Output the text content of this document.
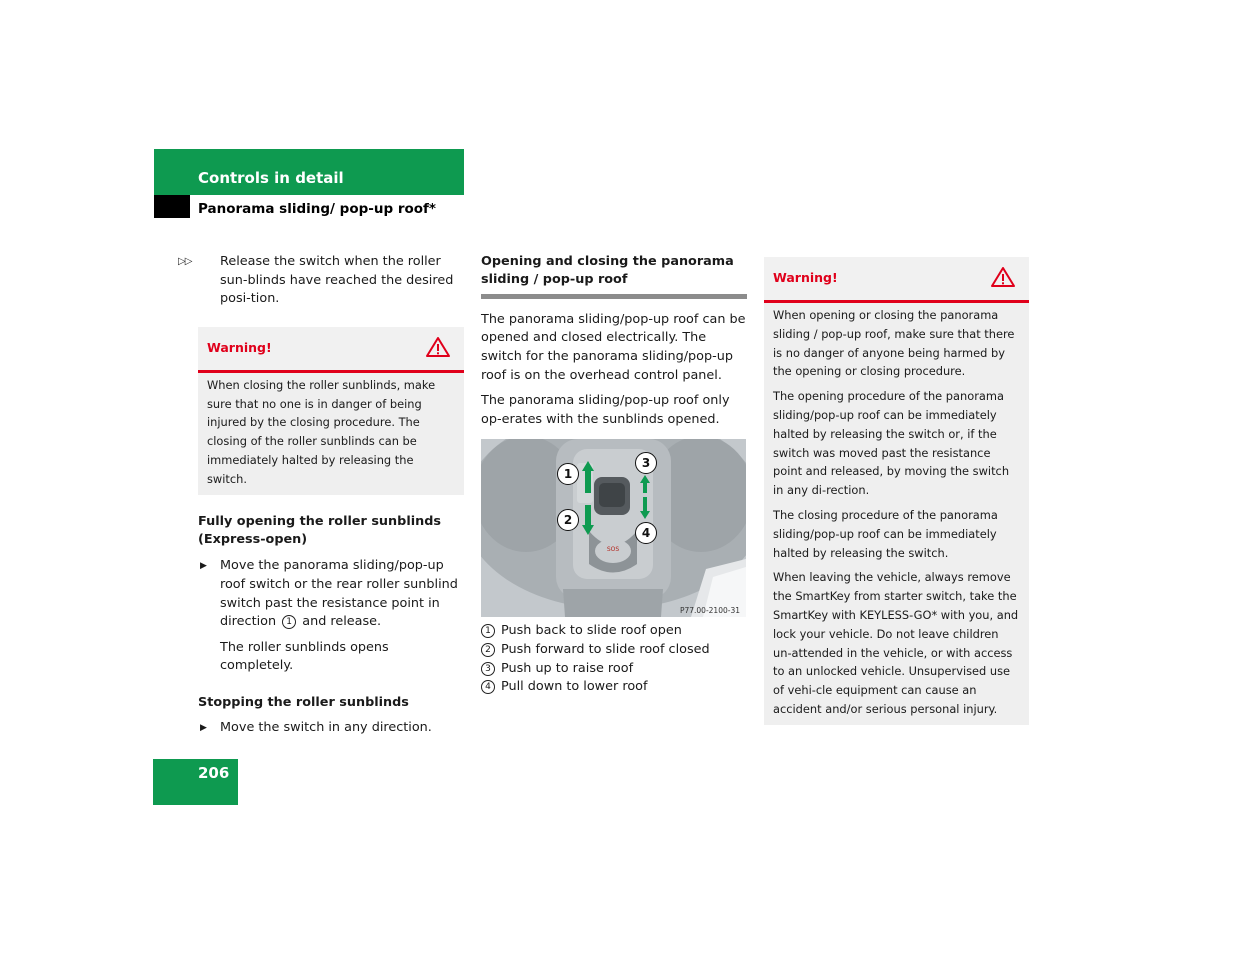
Controls in detail
Panorama sliding/ pop-up roof*
▷▷	Release the switch when the roller sun-blinds have reached the desired posi-tion.

Warning!
When closing the roller sunblinds, make sure that no one is in danger of being injured by the closing procedure. The closing of the roller sunblinds can be immediately halted by releasing the switch.

Fully opening the roller sunblinds (Express-open)

▶ Move the panorama sliding/pop-up roof switch or the rear roller sunblind switch past the resistance point in direction 1 and release.

The roller sunblinds opens completely.

Stopping the roller sunblinds

▶ Move the switch in any direction.

Opening and closing the panorama sliding / pop-up roof

The panorama sliding/pop-up roof can be opened and closed electrically. The switch for the panorama sliding/pop-up roof is on the overhead control panel.

The panorama sliding/pop-up roof only op-erates with the sunblinds opened.

SOS
1
2
3
4
P77.00-2100-31
1 Push back to slide roof open
2 Push forward to slide roof closed
3 Push up to raise roof
4 Pull down to lower roof
Warning!

When opening or closing the panorama sliding / pop-up roof, make sure that there is no danger of anyone being harmed by the opening or closing procedure.

The opening procedure of the panorama sliding/pop-up roof can be immediately halted by releasing the switch or, if the switch was moved past the resistance point and released, by moving the switch in any di-rection.

The closing procedure of the panorama sliding/pop-up roof can be immediately halted by releasing the switch.

When leaving the vehicle, always remove the SmartKey from starter switch, take the SmartKey with KEYLESS-GO* with you, and lock your vehicle. Do not leave children un-attended in the vehicle, or with access to an unlocked vehicle. Unsupervised use of vehi-cle equipment can cause an accident and/or serious personal injury.

206
